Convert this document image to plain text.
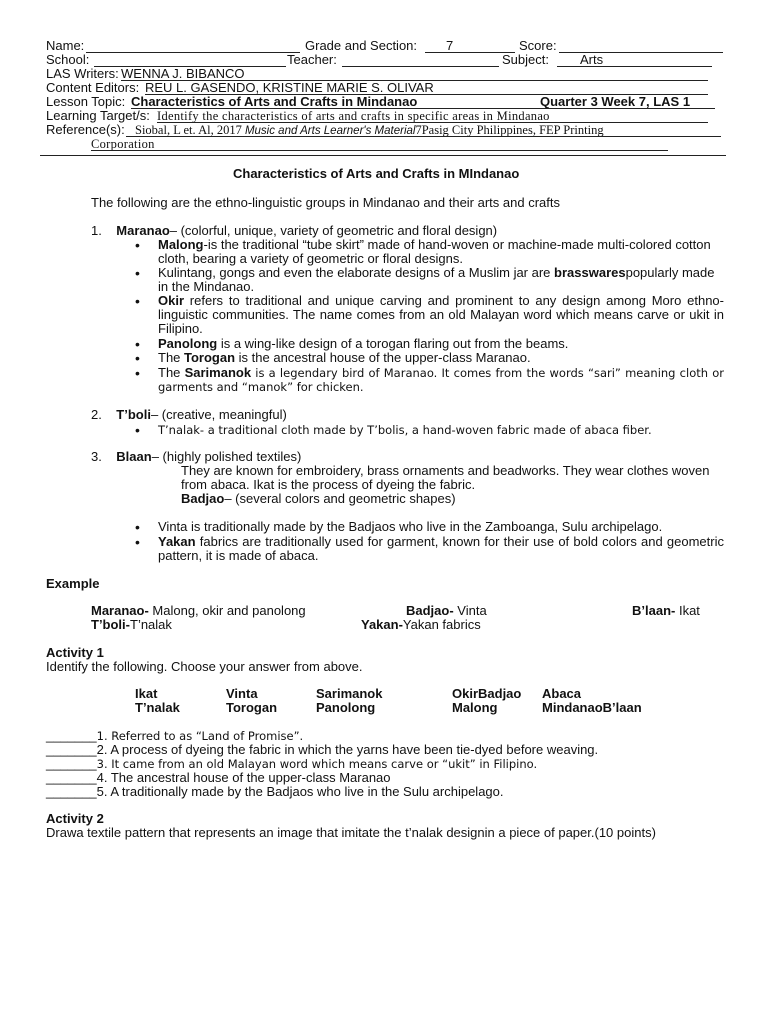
Name:	Grade and Section: 7	Score:
School:	Teacher:	Subject: Arts
LAS Writers: WENNA J. BIBANCO
Content Editors: REU L. GASENDO, KRISTINE MARIE S. OLIVAR
Lesson Topic: Characteristics of Arts and Crafts in Mindanao	Quarter 3 Week 7, LAS 1
Learning Target/s: Identify the characteristics of arts and crafts in specific areas in Mindanao
Reference(s): Siobal, L et. Al, 2017 Music and Arts Learner's Material7Pasig City Philippines, FEP Printing
Corporation
Characteristics of Arts and Crafts in MIndanao
The following are the ethno-linguistic groups in Mindanao and their arts and crafts
1. Maranao– (colorful, unique, variety of geometric and floral design)
• Malong-is the traditional “tube skirt” made of hand-woven or machine-made multi-colored cotton cloth, bearing a variety of geometric or floral designs.
• Kulintang, gongs and even the elaborate designs of a Muslim jar are brasswarespopularly made in the Mindanao.
• Okir refers to traditional and unique carving and prominent to any design among Moro ethno-linguistic communities. The name comes from an old Malayan word which means carve or ukit in Filipino.
• Panolong is a wing-like design of a torogan flaring out from the beams.
• The Torogan is the ancestral house of the upper-class Maranao.
• The Sarimanok is a legendary bird of Maranao. It comes from the words “sari” meaning cloth or garments and “manok” for chicken.
2. T’boli– (creative, meaningful)
• T’nalak- a traditional cloth made by T’bolis, a hand-woven fabric made of abaca fiber.
3. Blaan– (highly polished textiles)
They are known for embroidery, brass ornaments and beadworks. They wear clothes woven from abaca. Ikat is the process of dyeing the fabric.
Badjao– (several colors and geometric shapes)
• Vinta is traditionally made by the Badjaos who live in the Zamboanga, Sulu archipelago.
• Yakan fabrics are traditionally used for garment, known for their use of bold colors and geometric pattern, it is made of abaca.
Example
Maranao- Malong, okir and panolong	Badjao- Vinta	B’laan- Ikat
T’boli-T’nalak	Yakan-Yakan fabrics
Activity 1
Identify the following. Choose your answer from above.
Ikat	Vinta	Sarimanok	OkirBadjao Abaca
T’nalak	Torogan	Panolong	Malong	MindanaoB’laan
_______1. Referred to as “Land of Promise”.
_______2. A process of dyeing the fabric in which the yarns have been tie-dyed before weaving.
_______3. It came from an old Malayan word which means carve or “ukit” in Filipino.
_______4. The ancestral house of the upper-class Maranao
_______5. A traditionally made by the Badjaos who live in the Sulu archipelago.
Activity 2
Drawa textile pattern that represents an image that imitate the t’nalak designin a piece of paper.(10 points)
